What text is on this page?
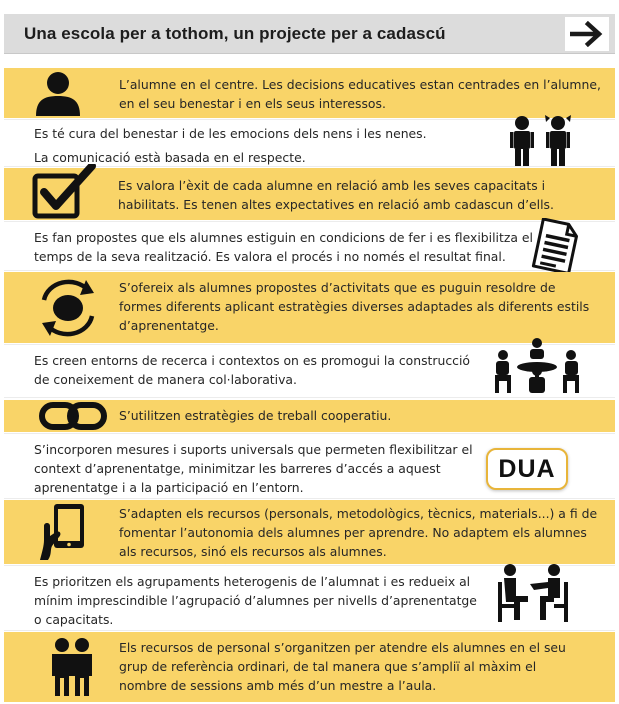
Una escola per a tothom, un projecte per a cadascú
L’alumne en el centre. Les decisions educatives estan centrades en l’alumne,
en el seu benestar i en els seus interessos.
Es té cura del benestar i de les emocions dels nens i les nenes.
La comunicació està basada en el respecte.
Es valora l’èxit de cada alumne en relació amb les seves capacitats i
habilitats. Es tenen altes expectatives en relació amb cadascun d’ells.
Es fan propostes que els alumnes estiguin en condicions de fer i es flexibilitza el
temps de la seva realització. Es valora el procés i no només el resultat final.
S’ofereix als alumnes propostes d’activitats que es puguin resoldre de
formes diferents aplicant estratègies diverses adaptades als diferents estils
d’aprenentatge.
Es creen entorns de recerca i contextos on es promogui la construcció
de coneixement de manera col·laborativa.
S’utilitzen estratègies de treball cooperatiu.
S’incorporen mesures i suports universals que permeten flexibilitzar el
context d’aprenentatge, minimitzar les barreres d’accés a aquest
aprenentatge i a la participació en l’entorn.
DUA
S’adapten els recursos (personals, metodològics, tècnics, materials...) a fi de
fomentar l’autonomia dels alumnes per aprendre. No adaptem els alumnes
als recursos, sinó els recursos als alumnes.
Es prioritzen els agrupaments heterogenis de l’alumnat i es redueix al
mínim imprescindible l’agrupació d’alumnes per nivells d’aprenentatge
o capacitats.
Els recursos de personal s’organitzen per atendre els alumnes en el seu
grup de referència ordinari, de tal manera que s’ampliï al màxim el
nombre de sessions amb més d’un mestre a l’aula.
